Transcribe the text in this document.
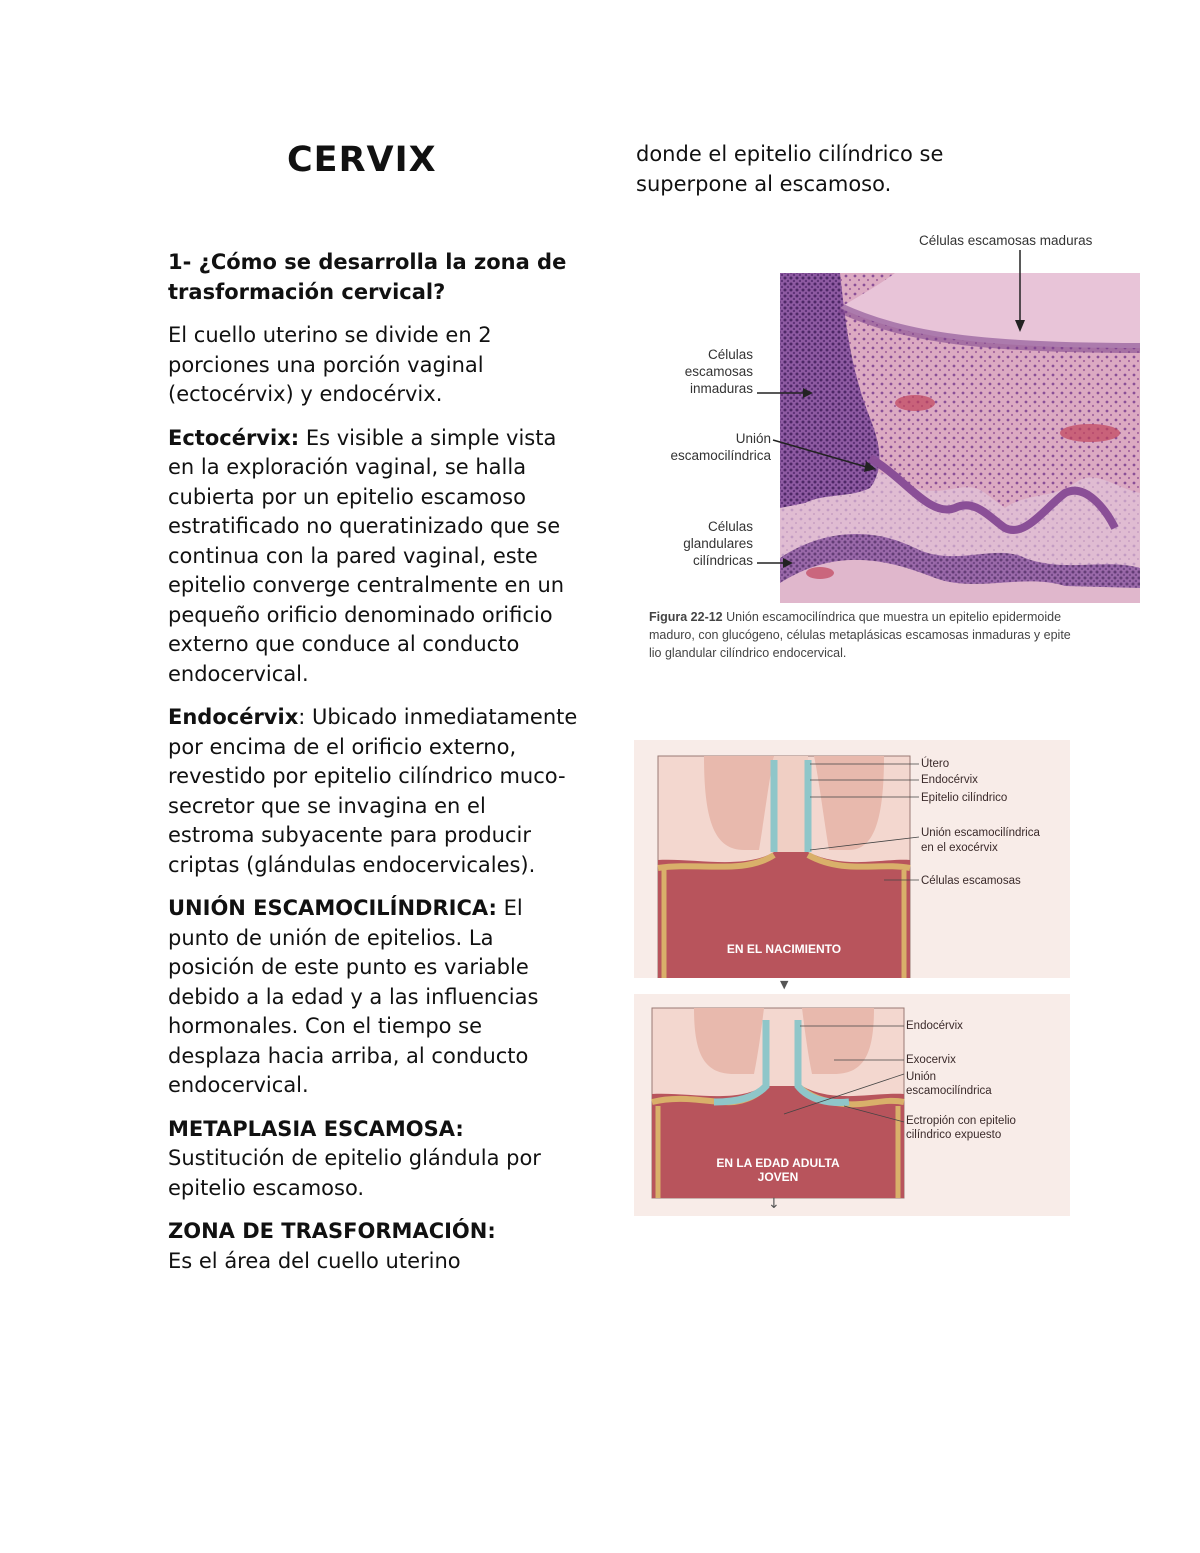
CERVIX

1- ¿Cómo se desarrolla la zona de trasformación cervical?

El cuello uterino se divide en 2 porciones una porción vaginal (ectocérvix) y endocérvix.

Ectocérvix: Es visible a simple vista en la exploración vaginal, se halla cubierta por un epitelio escamoso estratificado no queratinizado que se continua con la pared vaginal, este epitelio converge centralmente en un pequeño orificio denominado orificio externo que conduce al conducto endocervical.

Endocérvix: Ubicado inmediatamente por encima de el orificio externo, revestido por epitelio cilíndrico muco-secretor que se invagina en el estroma subyacente para producir criptas (glándulas endocervicales).

UNIÓN ESCAMOCILÍNDRICA: El punto de unión de epitelios. La posición de este punto es variable debido a la edad y a las influencias hormonales. Con el tiempo se desplaza hacia arriba, al conducto endocervical.

METAPLASIA ESCAMOSA:
Sustitución de epitelio glándula por epitelio escamoso.

ZONA DE TRASFORMACIÓN:
Es el área del cuello uterino

donde el epitelio cilíndrico se superpone al escamoso.
Células escamosas maduras
Células
escamosas
inmaduras
Unión
escamocilíndrica
Células
glandulares
cilíndricas
Figura 22-12 Unión escamocilíndrica que muestra un epitelio epidermoide
maduro, con glucógeno, células metaplásicas escamosas inmaduras y epite
lio glandular cilíndrico endocervical.
Útero
Endocérvix
Epitelio cilíndrico
Unión escamocilíndrica
en el exocérvix
Células escamosas
EN EL NACIMIENTO
▼
Endocérvix
Exocervix
Unión
escamocilíndrica
Ectropión con epitelio
cilíndrico expuesto
EN LA EDAD ADULTA
JOVEN
↓
